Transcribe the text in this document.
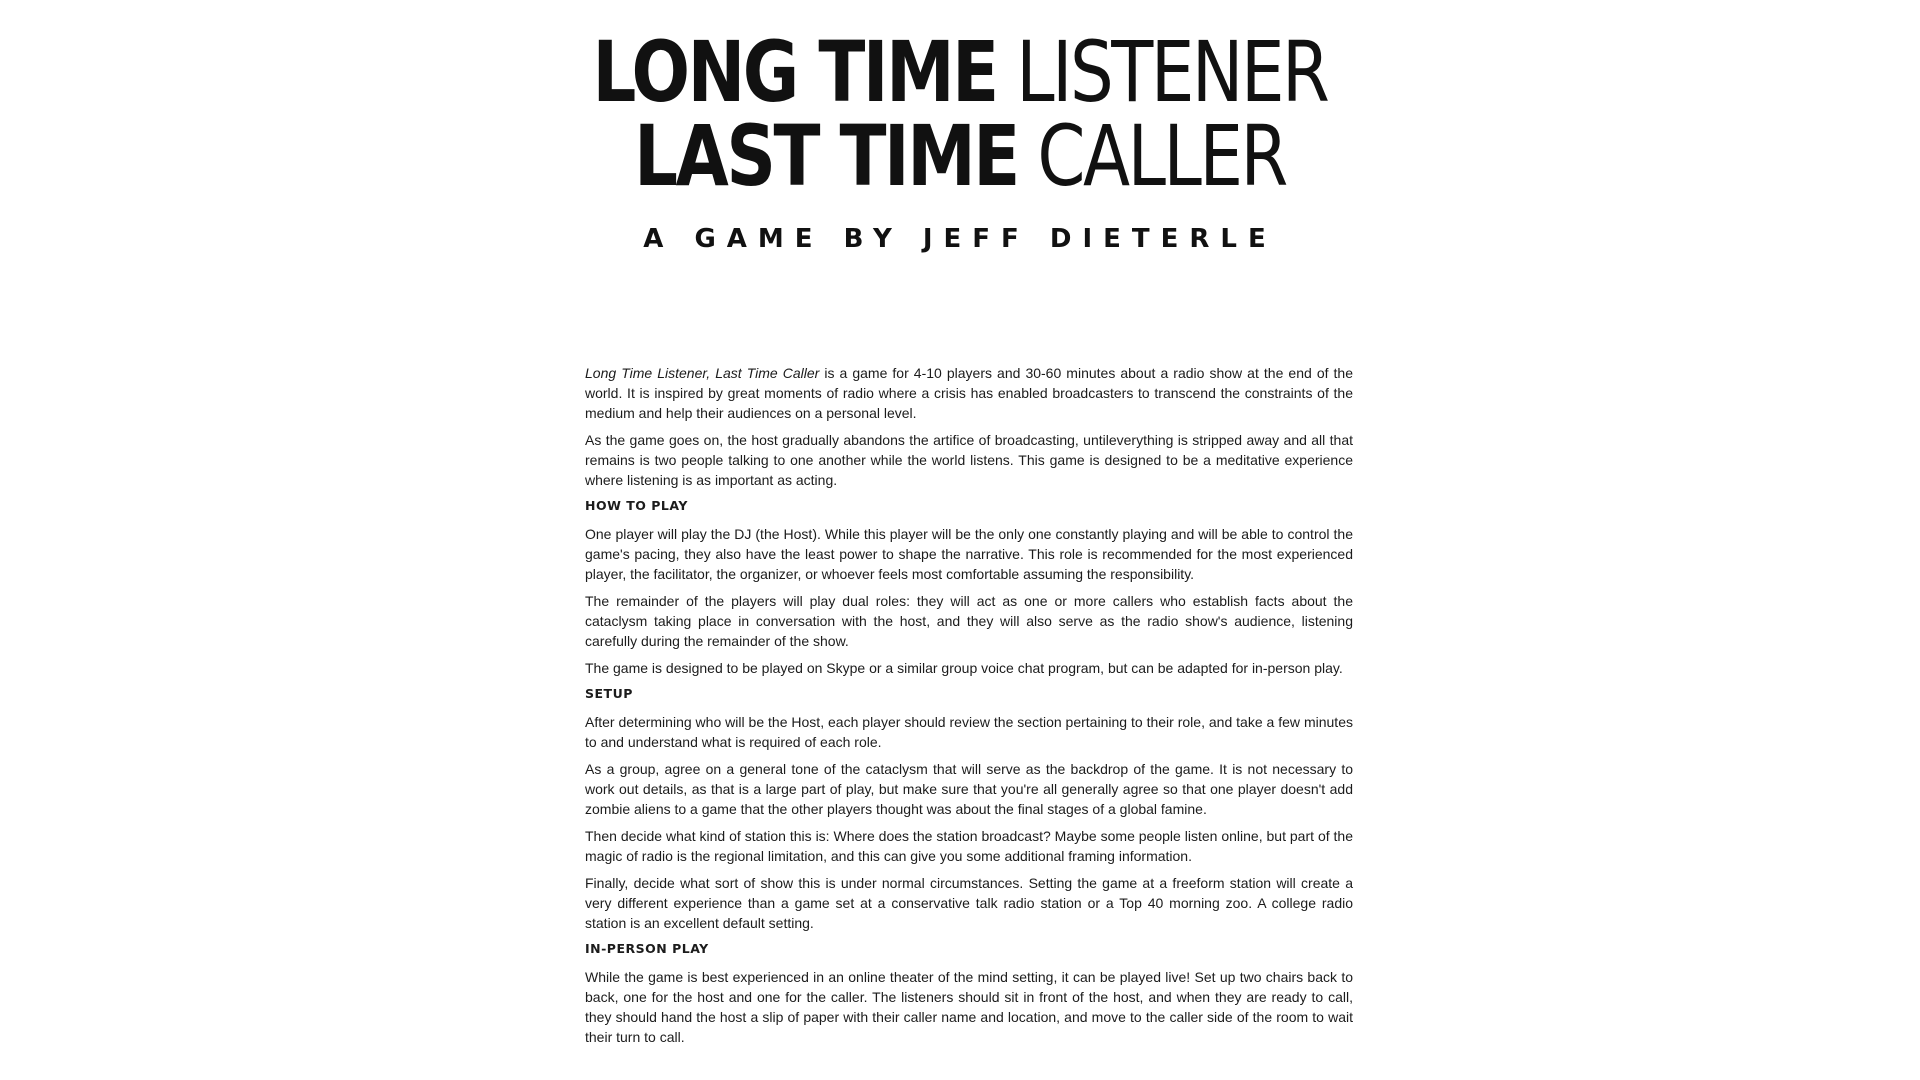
LONG TIME LISTENER
LAST TIME CALLER
A GAME BY JEFF DIETERLE

Long Time Listener, Last Time Caller is a game for 4-10 players and 30-60 minutes about a radio show at the end of the world. It is inspired by great moments of radio where a crisis has enabled broadcasters to transcend the constraints of the medium and help their audiences on a personal level.

As the game goes on, the host gradually abandons the artifice of broadcasting, untileverything is stripped away and all that remains is two people talking to one another while the world listens. This game is designed to be a meditative experience where listening is as important as acting.

HOW TO PLAY

One player will play the DJ (the Host). While this player will be the only one constantly playing and will be able to control the game's pacing, they also have the least power to shape the narrative. This role is recommended for the most experienced player, the facilitator, the organizer, or whoever feels most comfortable assuming the responsibility.

The remainder of the players will play dual roles: they will act as one or more callers who establish facts about the cataclysm taking place in conversation with the host, and they will also serve as the radio show's audience, listening carefully during the remainder of the show.

The game is designed to be played on Skype or a similar group voice chat program, but can be adapted for in-person play.

SETUP

After determining who will be the Host, each player should review the section pertaining to their role, and take a few minutes to and understand what is required of each role.

As a group, agree on a general tone of the cataclysm that will serve as the backdrop of the game. It is not necessary to work out details, as that is a large part of play, but make sure that you're all generally agree so that one player doesn't add zombie aliens to a game that the other players thought was about the final stages of a global famine.

Then decide what kind of station this is: Where does the station broadcast? Maybe some people listen online, but part of the magic of radio is the regional limitation, and this can give you some additional framing information.

Finally, decide what sort of show this is under normal circumstances. Setting the game at a freeform station will create a very different experience than a game set at a conservative talk radio station or a Top 40 morning zoo. A college radio station is an excellent default setting.

IN-PERSON PLAY

While the game is best experienced in an online theater of the mind setting, it can be played live! Set up two chairs back to back, one for the host and one for the caller. The listeners should sit in front of the host, and when they are ready to call, they should hand the host a slip of paper with their caller name and location, and move to the caller side of the room to wait their turn to call.
